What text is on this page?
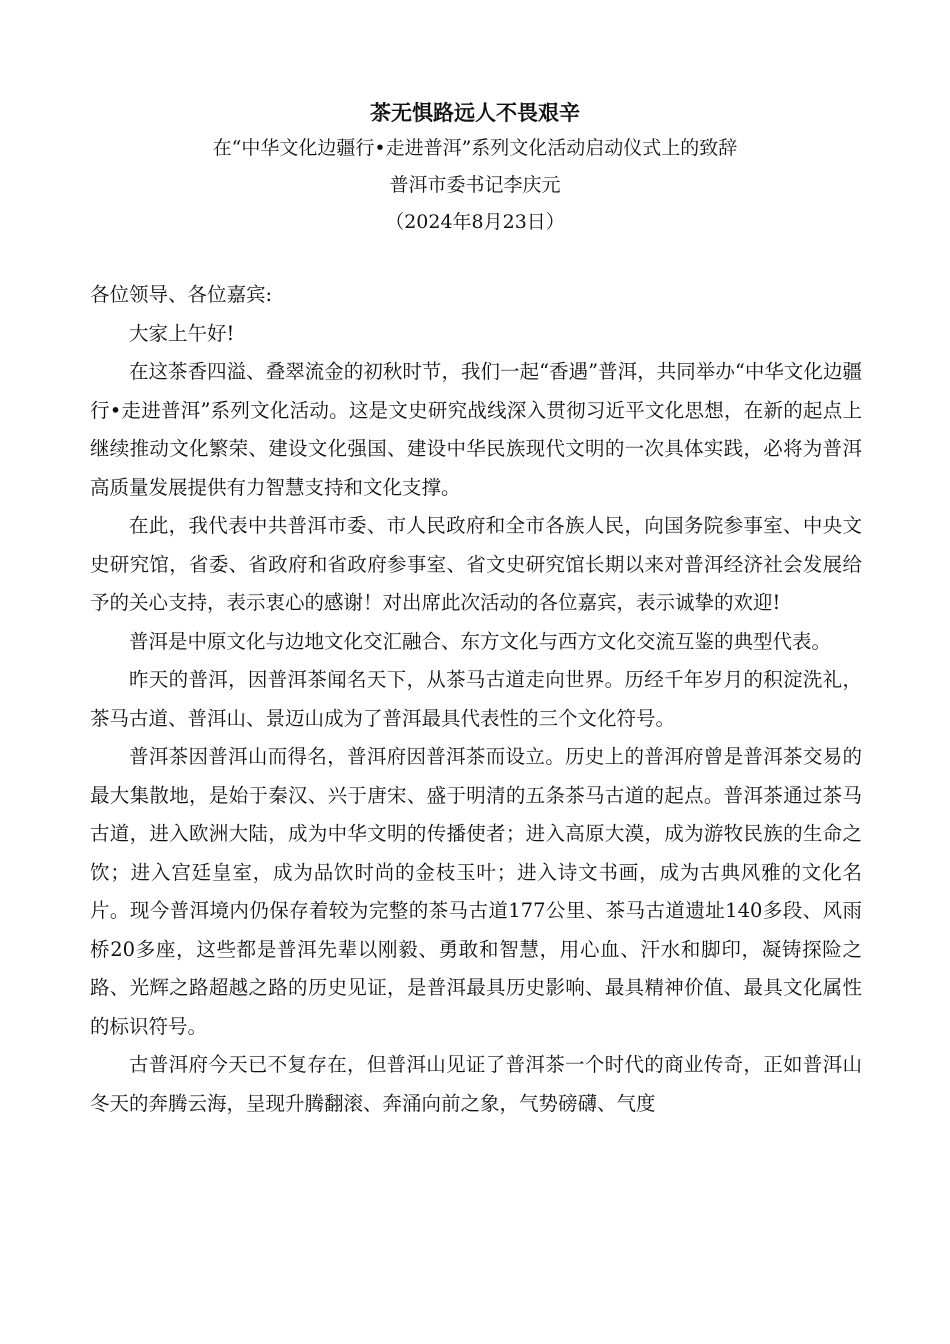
茶无惧路远人不畏艰辛

在“中华文化边疆行•走进普洱”系列文化活动启动仪式上的致辞

普洱市委书记李庆元

（2024年8月23日）

各位领导、各位嘉宾:

大家上午好!

在这茶香四溢、叠翠流金的初秋时节，我们一起“香遇”普洱，共同举办“中华文化边疆行•走进普洱”系列文化活动。这是文史研究战线深入贯彻习近平文化思想，在新的起点上继续推动文化繁荣、建设文化强国、建设中华民族现代文明的一次具体实践，必将为普洱高质量发展提供有力智慧支持和文化支撑。

在此，我代表中共普洱市委、市人民政府和全市各族人民，向国务院参事室、中央文史研究馆，省委、省政府和省政府参事室、省文史研究馆长期以来对普洱经济社会发展给予的关心支持，表示衷心的感谢！对出席此次活动的各位嘉宾，表示诚挚的欢迎!

普洱是中原文化与边地文化交汇融合、东方文化与西方文化交流互鉴的典型代表。

昨天的普洱，因普洱茶闻名天下，从茶马古道走向世界。历经千年岁月的积淀洗礼，茶马古道、普洱山、景迈山成为了普洱最具代表性的三个文化符号。

普洱茶因普洱山而得名，普洱府因普洱茶而设立。历史上的普洱府曾是普洱茶交易的最大集散地，是始于秦汉、兴于唐宋、盛于明清的五条茶马古道的起点。普洱茶通过茶马古道，进入欧洲大陆，成为中华文明的传播使者；进入高原大漠，成为游牧民族的生命之饮；进入宫廷皇室，成为品饮时尚的金枝玉叶；进入诗文书画，成为古典风雅的文化名片。现今普洱境内仍保存着较为完整的茶马古道177公里、茶马古道遗址140多段、风雨桥20多座，这些都是普洱先辈以刚毅、勇敢和智慧，用心血、汗水和脚印，凝铸探险之路、光辉之路超越之路的历史见证，是普洱最具历史影响、最具精神价值、最具文化属性的标识符号。

古普洱府今天已不复存在，但普洱山见证了普洱茶一个时代的商业传奇，正如普洱山冬天的奔腾云海，呈现升腾翻滚、奔涌向前之象，气势磅礴、气度
